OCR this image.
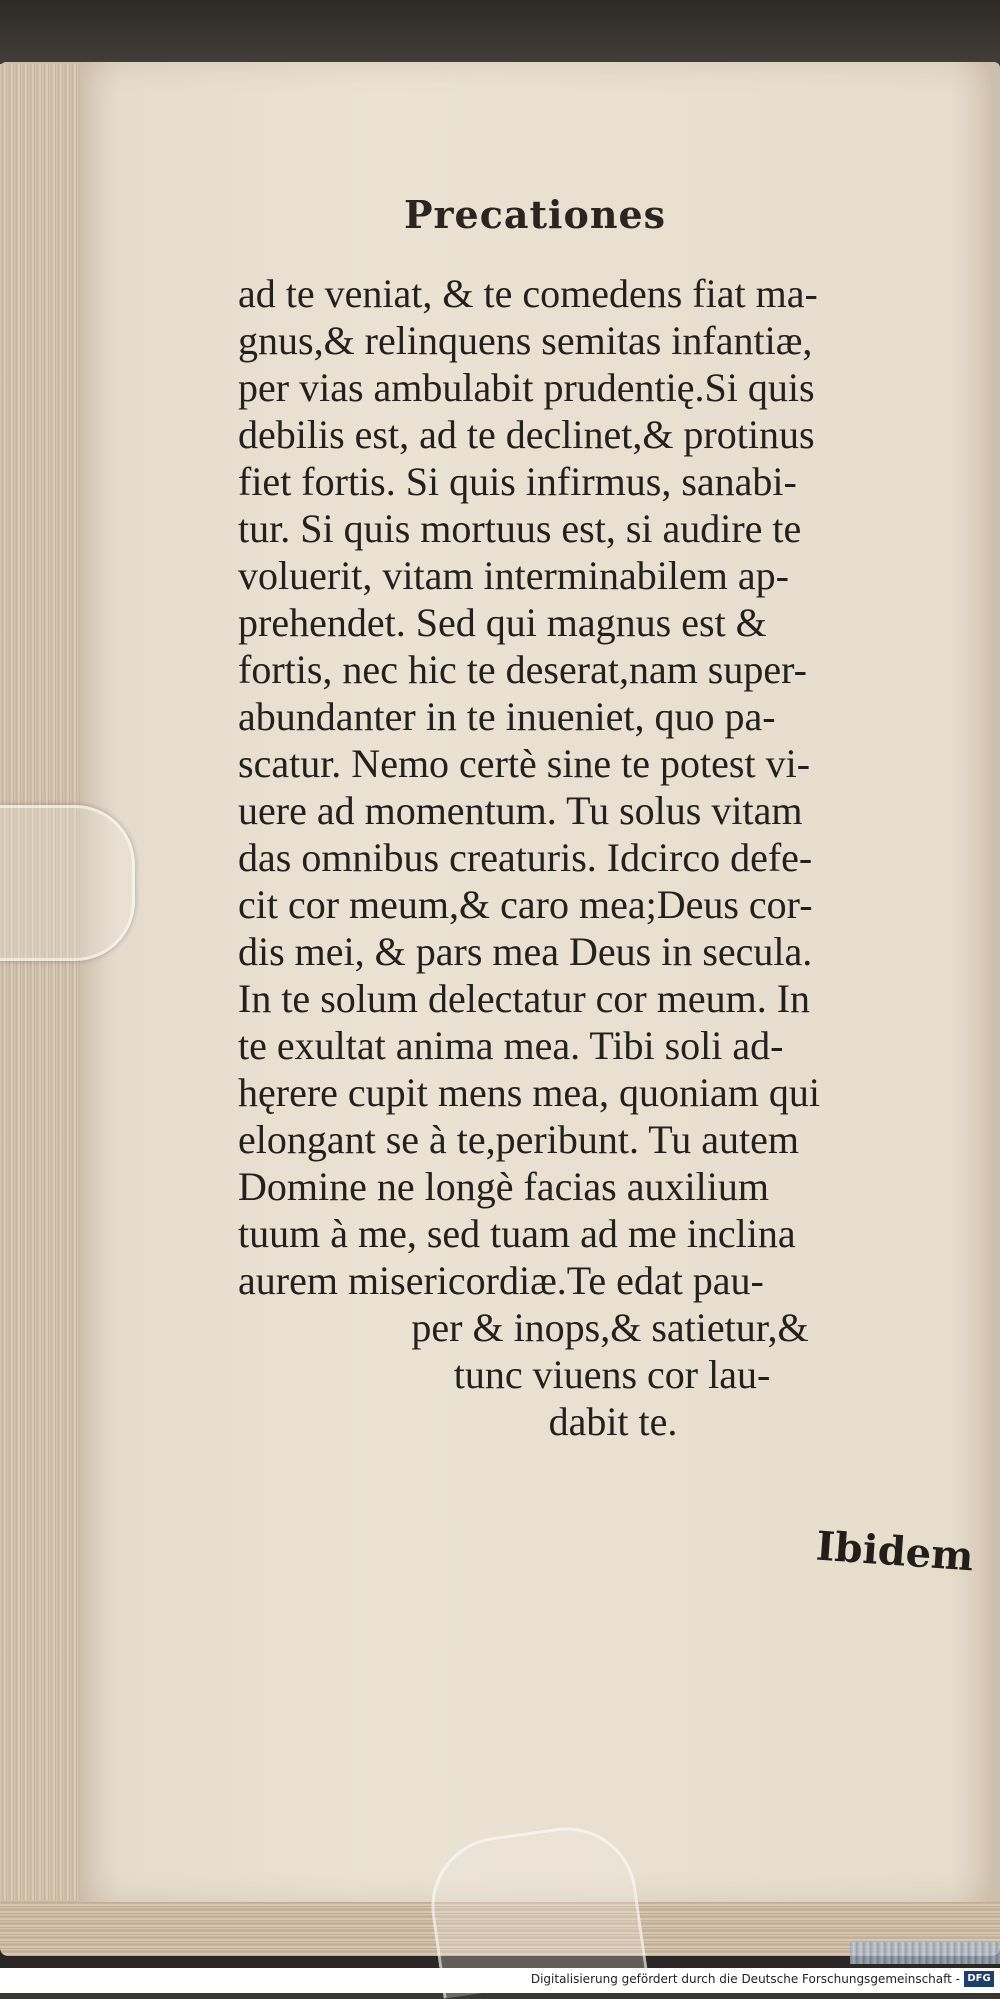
Precationes
ad te veniat, & te comedens fiat ma-
gnus,& relinquens semitas infantiæ,
per vias ambulabit prudentię.Si quis
debilis est, ad te declinet,& protinus
fiet fortis. Si quis infirmus, sanabi-
tur. Si quis mortuus est, si audire te
voluerit, vitam interminabilem ap-
prehendet. Sed qui magnus est &
fortis, nec hic te deserat,nam super-
abundanter in te inueniet, quo pa-
scatur. Nemo certè sine te potest vi-
uere ad momentum. Tu solus vitam
das omnibus creaturis. Idcirco defe-
cit cor meum,& caro mea;Deus cor-
dis mei, & pars mea Deus in secula.
In te solum delectatur cor meum. In
te exultat anima mea. Tibi soli ad-
hęrere cupit mens mea, quoniam qui
elongant se à te,peribunt. Tu autem
Domine ne longè facias auxilium
tuum à me, sed tuam ad me inclina
aurem misericordiæ.Te edat pau-
per & inops,& satietur,&
tunc viuens cor lau-
dabit te.
Ibidem
Digitalisierung gefördert durch die Deutsche Forschungsgemeinschaft - DFG
